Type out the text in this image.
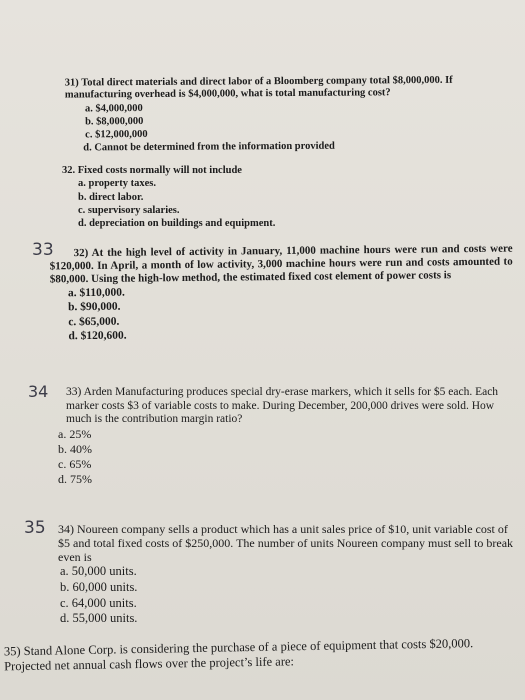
31) Total direct materials and direct labor of a Bloomberg company total $8,000,000. If manufacturing overhead is $4,000,000, what is total manufacturing cost?
a. $4,000,000
b. $8,000,000
c. $12,000,000
d. Cannot be determined from the information provided
32. Fixed costs normally will not include
a. property taxes.
b. direct labor.
c. supervisory salaries.
d. depreciation on buildings and equipment.
33	32) At the high level of activity in January, 11,000 machine hours were run and costs were $120,000. In April, a month of low activity, 3,000 machine hours were run and costs amounted to $80,000. Using the high-low method, the estimated fixed cost element of power costs is
a. $110,000.
b. $90,000.
c. $65,000.
d. $120,600.
34	33) Arden Manufacturing produces special dry-erase markers, which it sells for $5 each. Each marker costs $3 of variable costs to make. During December, 200,000 drives were sold. How much is the contribution margin ratio?
a. 25%
b. 40%
c. 65%
d. 75%
35	34) Noureen company sells a product which has a unit sales price of $10, unit variable cost of $5 and total fixed costs of $250,000. The number of units Noureen company must sell to break even is
a. 50,000 units.
b. 60,000 units.
c. 64,000 units.
d. 55,000 units.
35) Stand Alone Corp. is considering the purchase of a piece of equipment that costs $20,000. Projected net annual cash flows over the project’s life are:
